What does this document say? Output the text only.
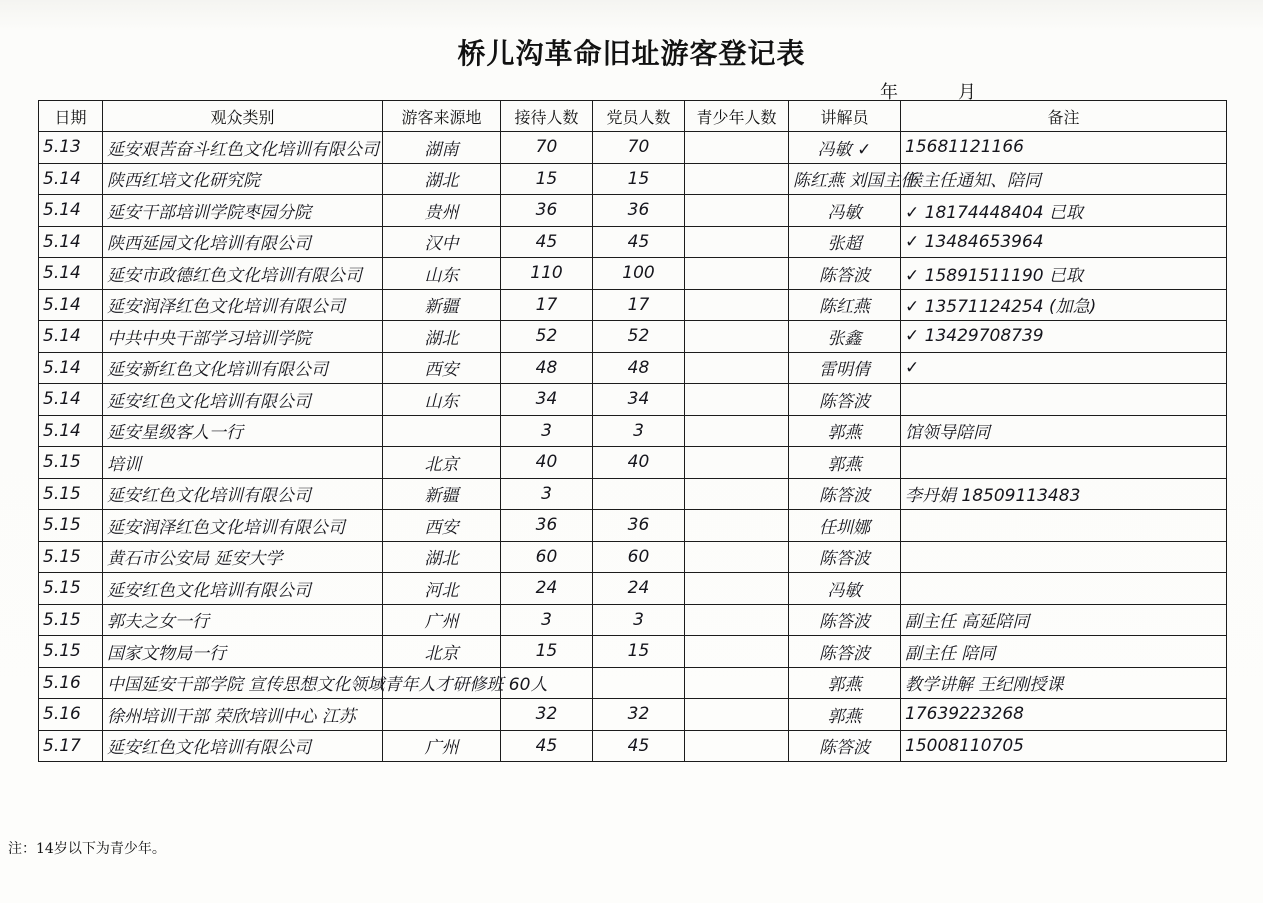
桥儿沟革命旧址游客登记表
年	月
日期	观众类别	游客来源地	接待人数	党员人数	青少年人数	讲解员	备注
5.13	延安艰苦奋斗红色文化培训有限公司	湖南	70	70		冯敏 ✓	15681121166
5.14	陕西红培文化研究院	湖北	15	15		陈红燕 刘国主任	候主任通知、陪同
5.14	延安干部培训学院枣园分院	贵州	36	36		冯敏	✓ 18174448404 已取
5.14	陕西延园文化培训有限公司	汉中	45	45		张超	✓ 13484653964
5.14	延安市政德红色文化培训有限公司	山东	110	100		陈答波	✓ 15891511190 已取
5.14	延安润泽红色文化培训有限公司	新疆	17	17		陈红燕	✓ 13571124254 (加急)
5.14	中共中央干部学习培训学院	湖北	52	52		张鑫	✓ 13429708739
5.14	延安新红色文化培训有限公司	西安	48	48		雷明倩	✓
5.14	延安红色文化培训有限公司	山东	34	34		陈答波	
5.14	延安星级客人一行		3	3		郭燕	馆领导陪同
5.15	培训	北京	40	40		郭燕	
5.15	延安红色文化培训有限公司	新疆	3			陈答波	李丹娟 18509113483
5.15	延安润泽红色文化培训有限公司	西安	36	36		任圳娜	
5.15	黄石市公安局 延安大学	湖北	60	60		陈答波	
5.15	延安红色文化培训有限公司	河北	24	24		冯敏	
5.15	郭夫之女一行	广州	3	3		陈答波	副主任 高延陪同
5.15	国家文物局一行	北京	15	15		陈答波	副主任 陪同
5.16	中国延安干部学院 宣传思想文化领域青年人才研修班 60人					郭燕	教学讲解 王纪刚授课
5.16	徐州培训干部 荣欣培训中心 江苏		32	32		郭燕	17639223268
5.17	延安红色文化培训有限公司	广州	45	45		陈答波	15008110705
注：14岁以下为青少年。
